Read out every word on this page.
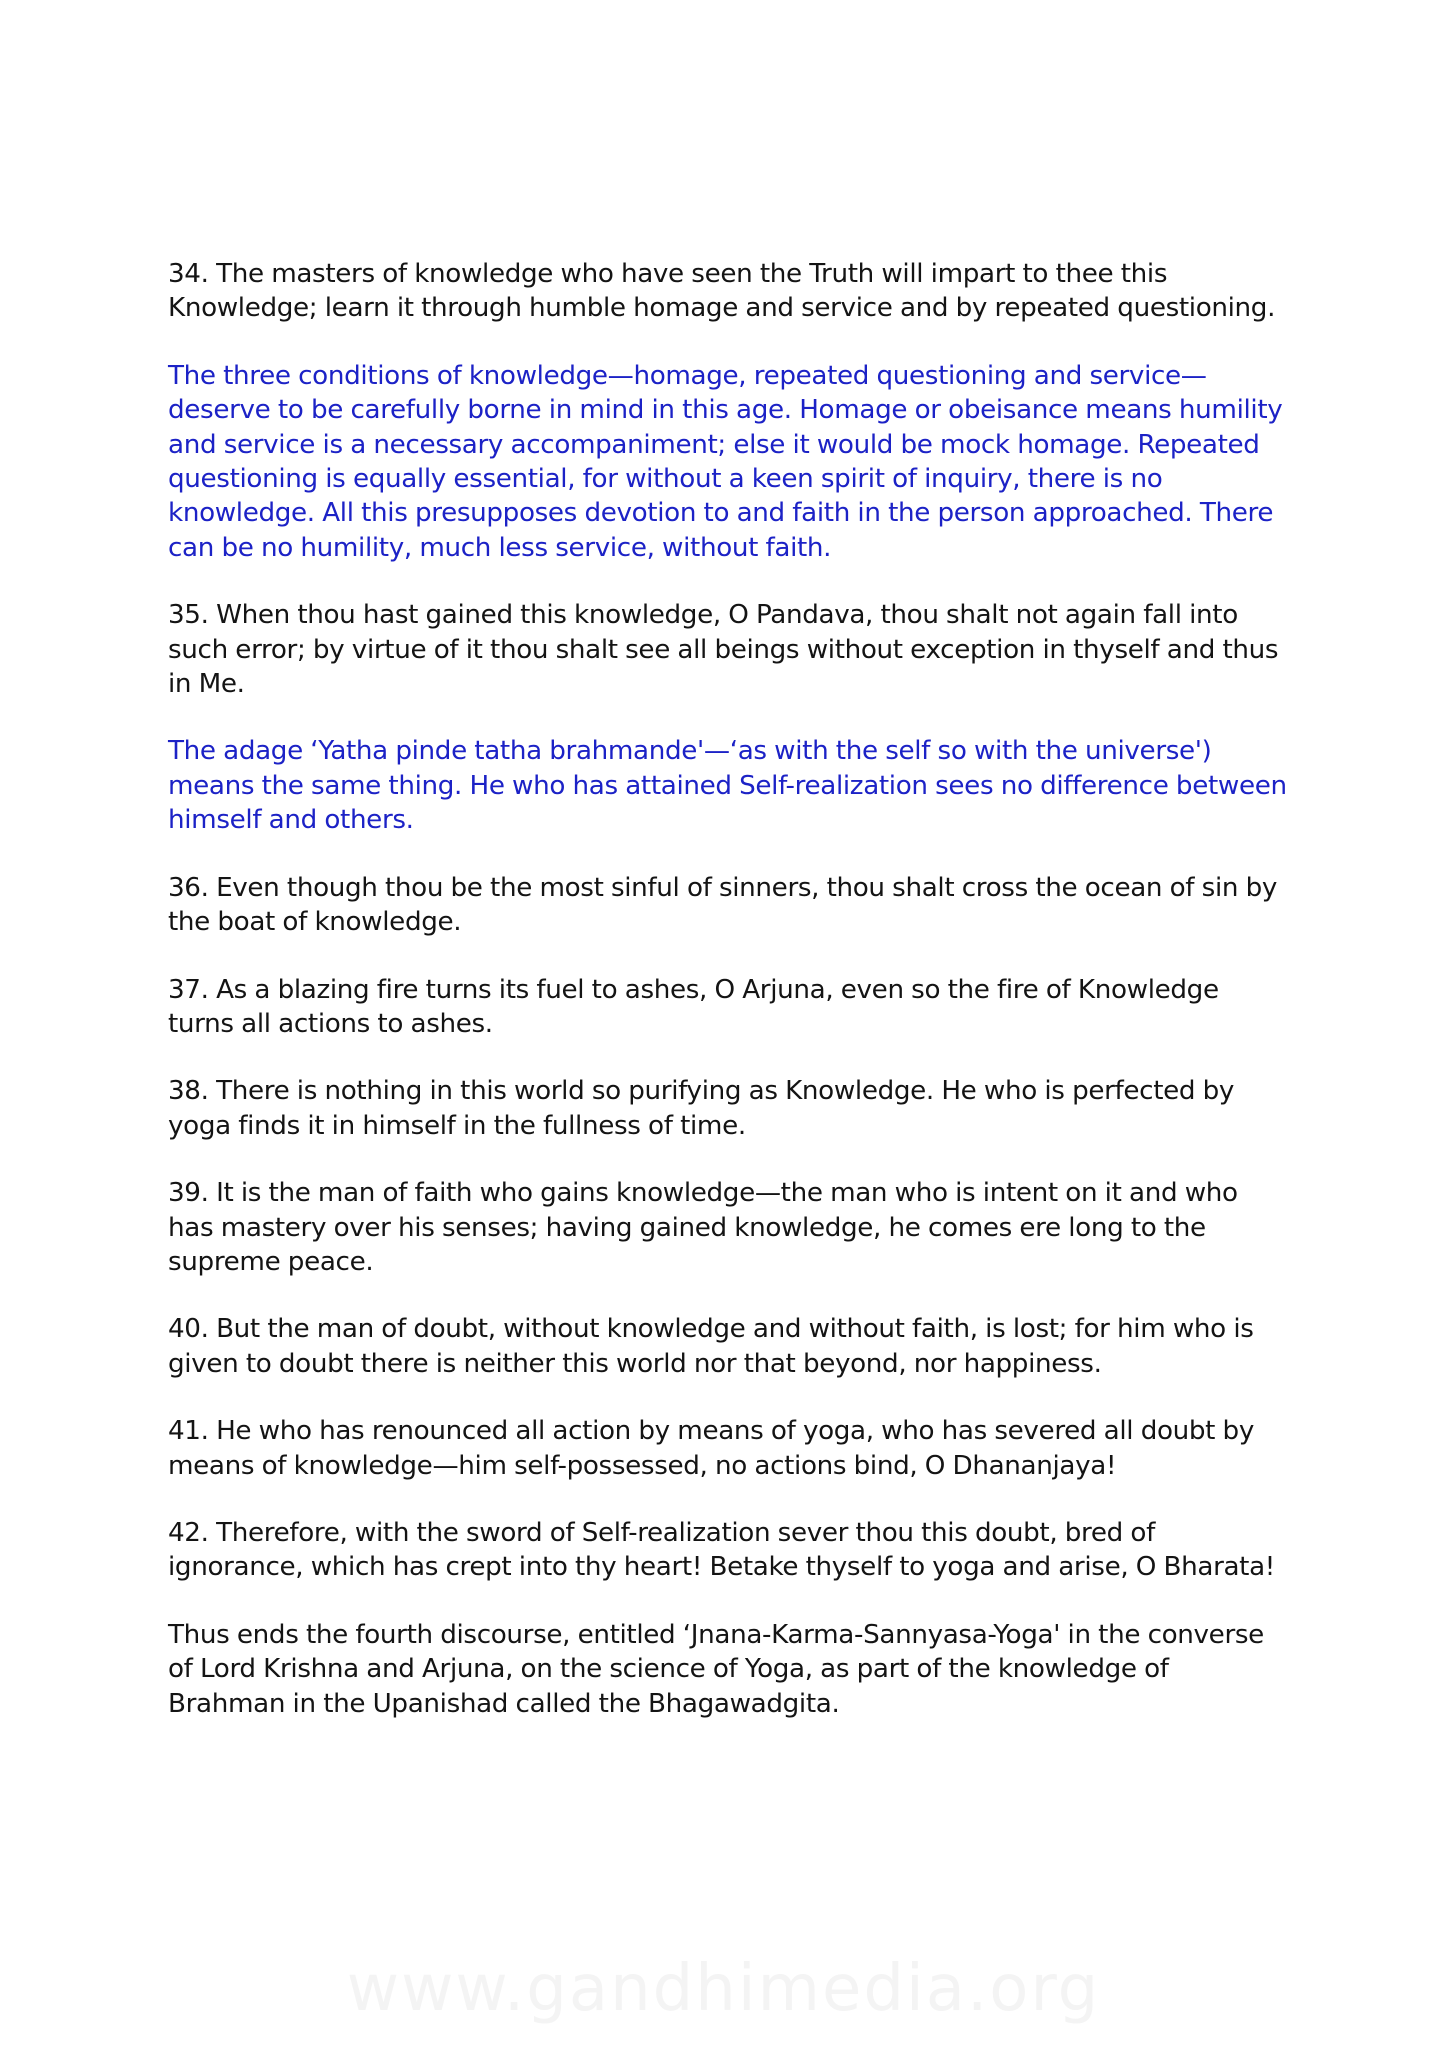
34. The masters of knowledge who have seen the Truth will impart to thee this Knowledge; learn it through humble homage and service and by repeated questioning.

The three conditions of knowledge—homage, repeated questioning and service— deserve to be carefully borne in mind in this age. Homage or obeisance means humility and service is a necessary accompaniment; else it would be mock homage. Repeated questioning is equally essential, for without a keen spirit of inquiry, there is no knowledge. All this presupposes devotion to and faith in the person approached. There can be no humility, much less service, without faith.

35. When thou hast gained this knowledge, O Pandava, thou shalt not again fall into such error; by virtue of it thou shalt see all beings without exception in thyself and thus in Me.

The adage ‘Yatha pinde tatha brahmande'—‘as with the self so with the universe') means the same thing. He who has attained Self-realization sees no difference between himself and others.

36. Even though thou be the most sinful of sinners, thou shalt cross the ocean of sin by the boat of knowledge.

37. As a blazing fire turns its fuel to ashes, O Arjuna, even so the fire of Knowledge turns all actions to ashes.

38. There is nothing in this world so purifying as Knowledge. He who is perfected by yoga finds it in himself in the fullness of time.

39. It is the man of faith who gains knowledge—the man who is intent on it and who has mastery over his senses; having gained knowledge, he comes ere long to the supreme peace.

40. But the man of doubt, without knowledge and without faith, is lost; for him who is given to doubt there is neither this world nor that beyond, nor happiness.

41. He who has renounced all action by means of yoga, who has severed all doubt by means of knowledge—him self-possessed, no actions bind, O Dhananjaya!

42. Therefore, with the sword of Self-realization sever thou this doubt, bred of ignorance, which has crept into thy heart! Betake thyself to yoga and arise, O Bharata!

Thus ends the fourth discourse, entitled ‘Jnana-Karma-Sannyasa-Yoga' in the converse of Lord Krishna and Arjuna, on the science of Yoga, as part of the knowledge of Brahman in the Upanishad called the Bhagawadgita.

www.gandhimedia.org
